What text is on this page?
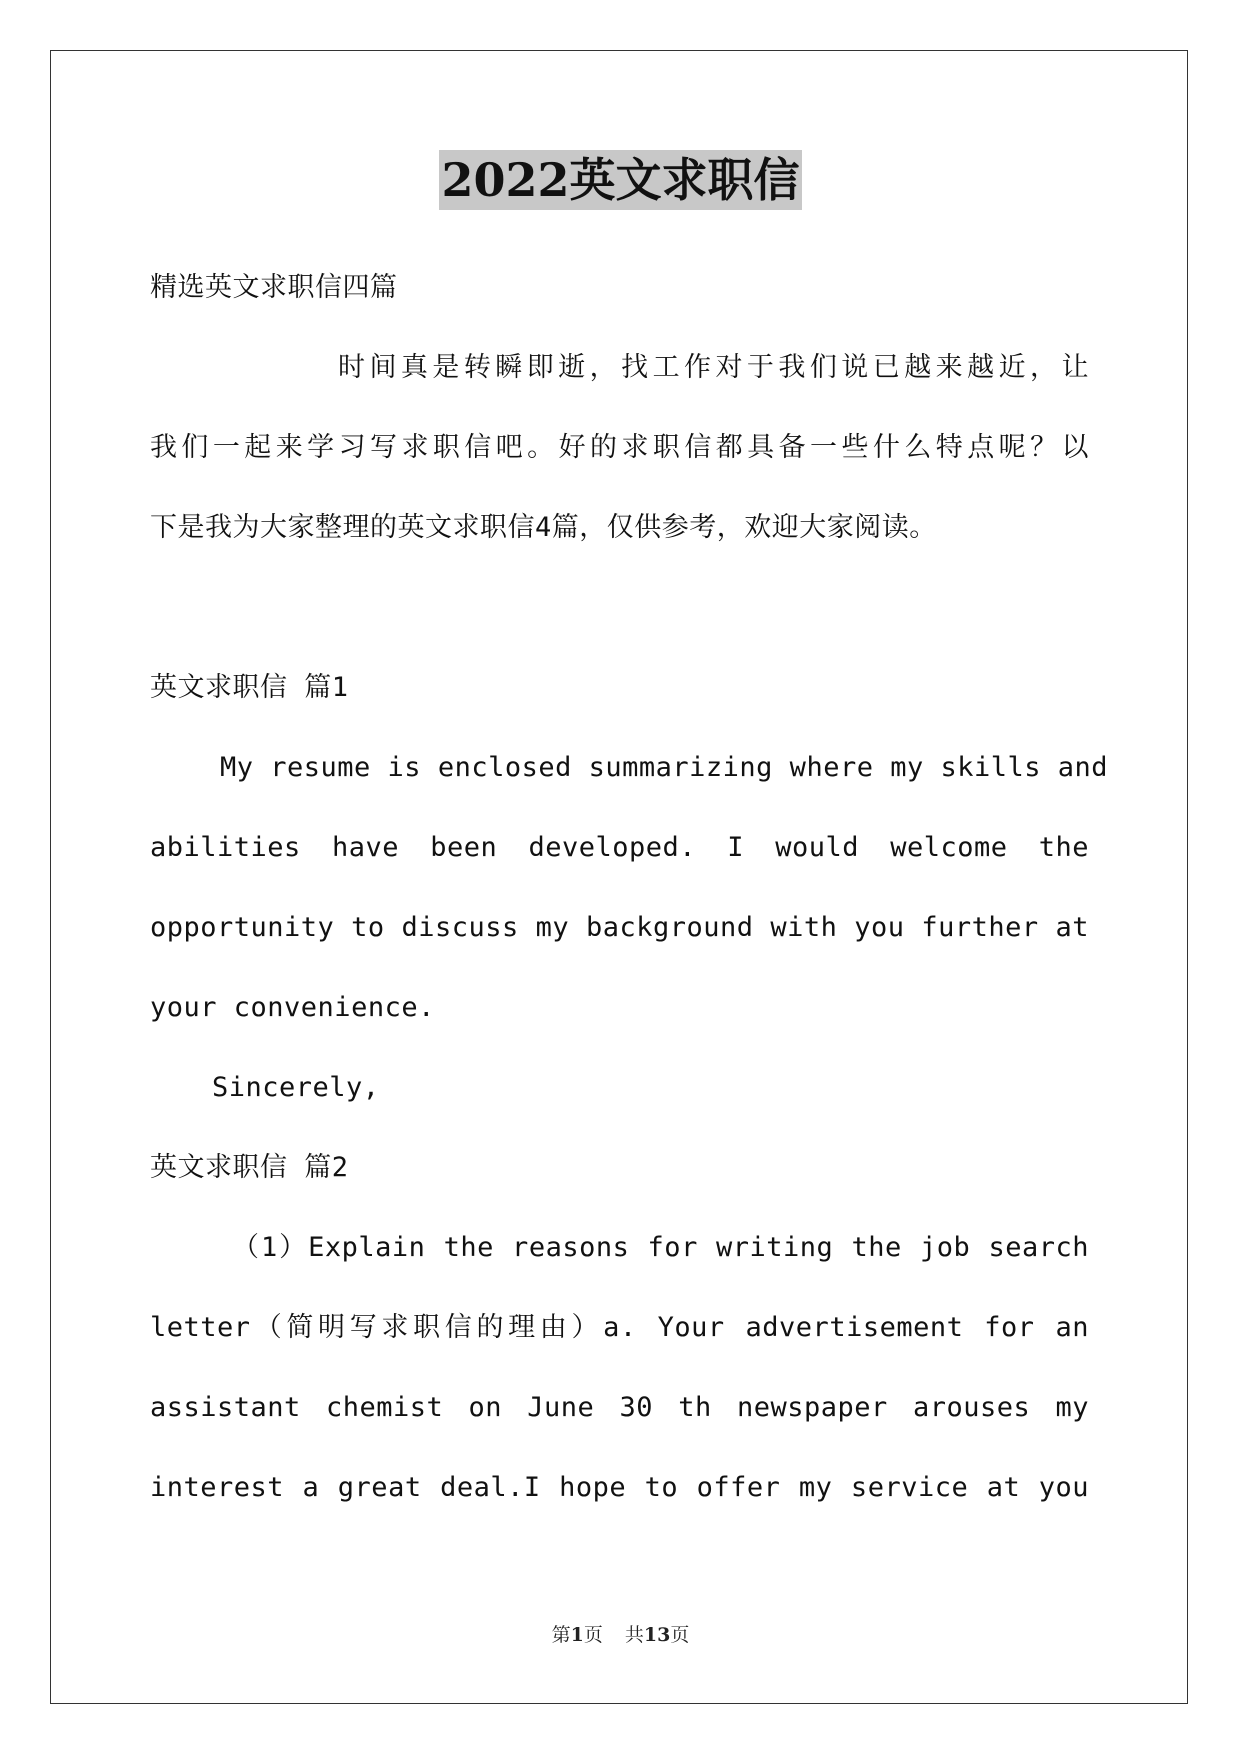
2022英文求职信
精选英文求职信四篇
时间真是转瞬即逝，找工作对于我们说已越来越近，让
我们一起来学习写求职信吧。好的求职信都具备一些什么特点呢？以
下是我为大家整理的英文求职信4篇，仅供参考，欢迎大家阅读。
英文求职信 篇1
My resume is enclosed summarizing where my skills and
abilities have been developed. I would welcome the
opportunity to discuss my background with you further at
your convenience.
Sincerely,
英文求职信 篇2
（1）Explain the reasons for writing the job search
letter（简明写求职信的理由）a. Your advertisement for an
assistant chemist on June 30 th newspaper arouses my
interest a great deal.I hope to offer my service at you
第1页 共13页
